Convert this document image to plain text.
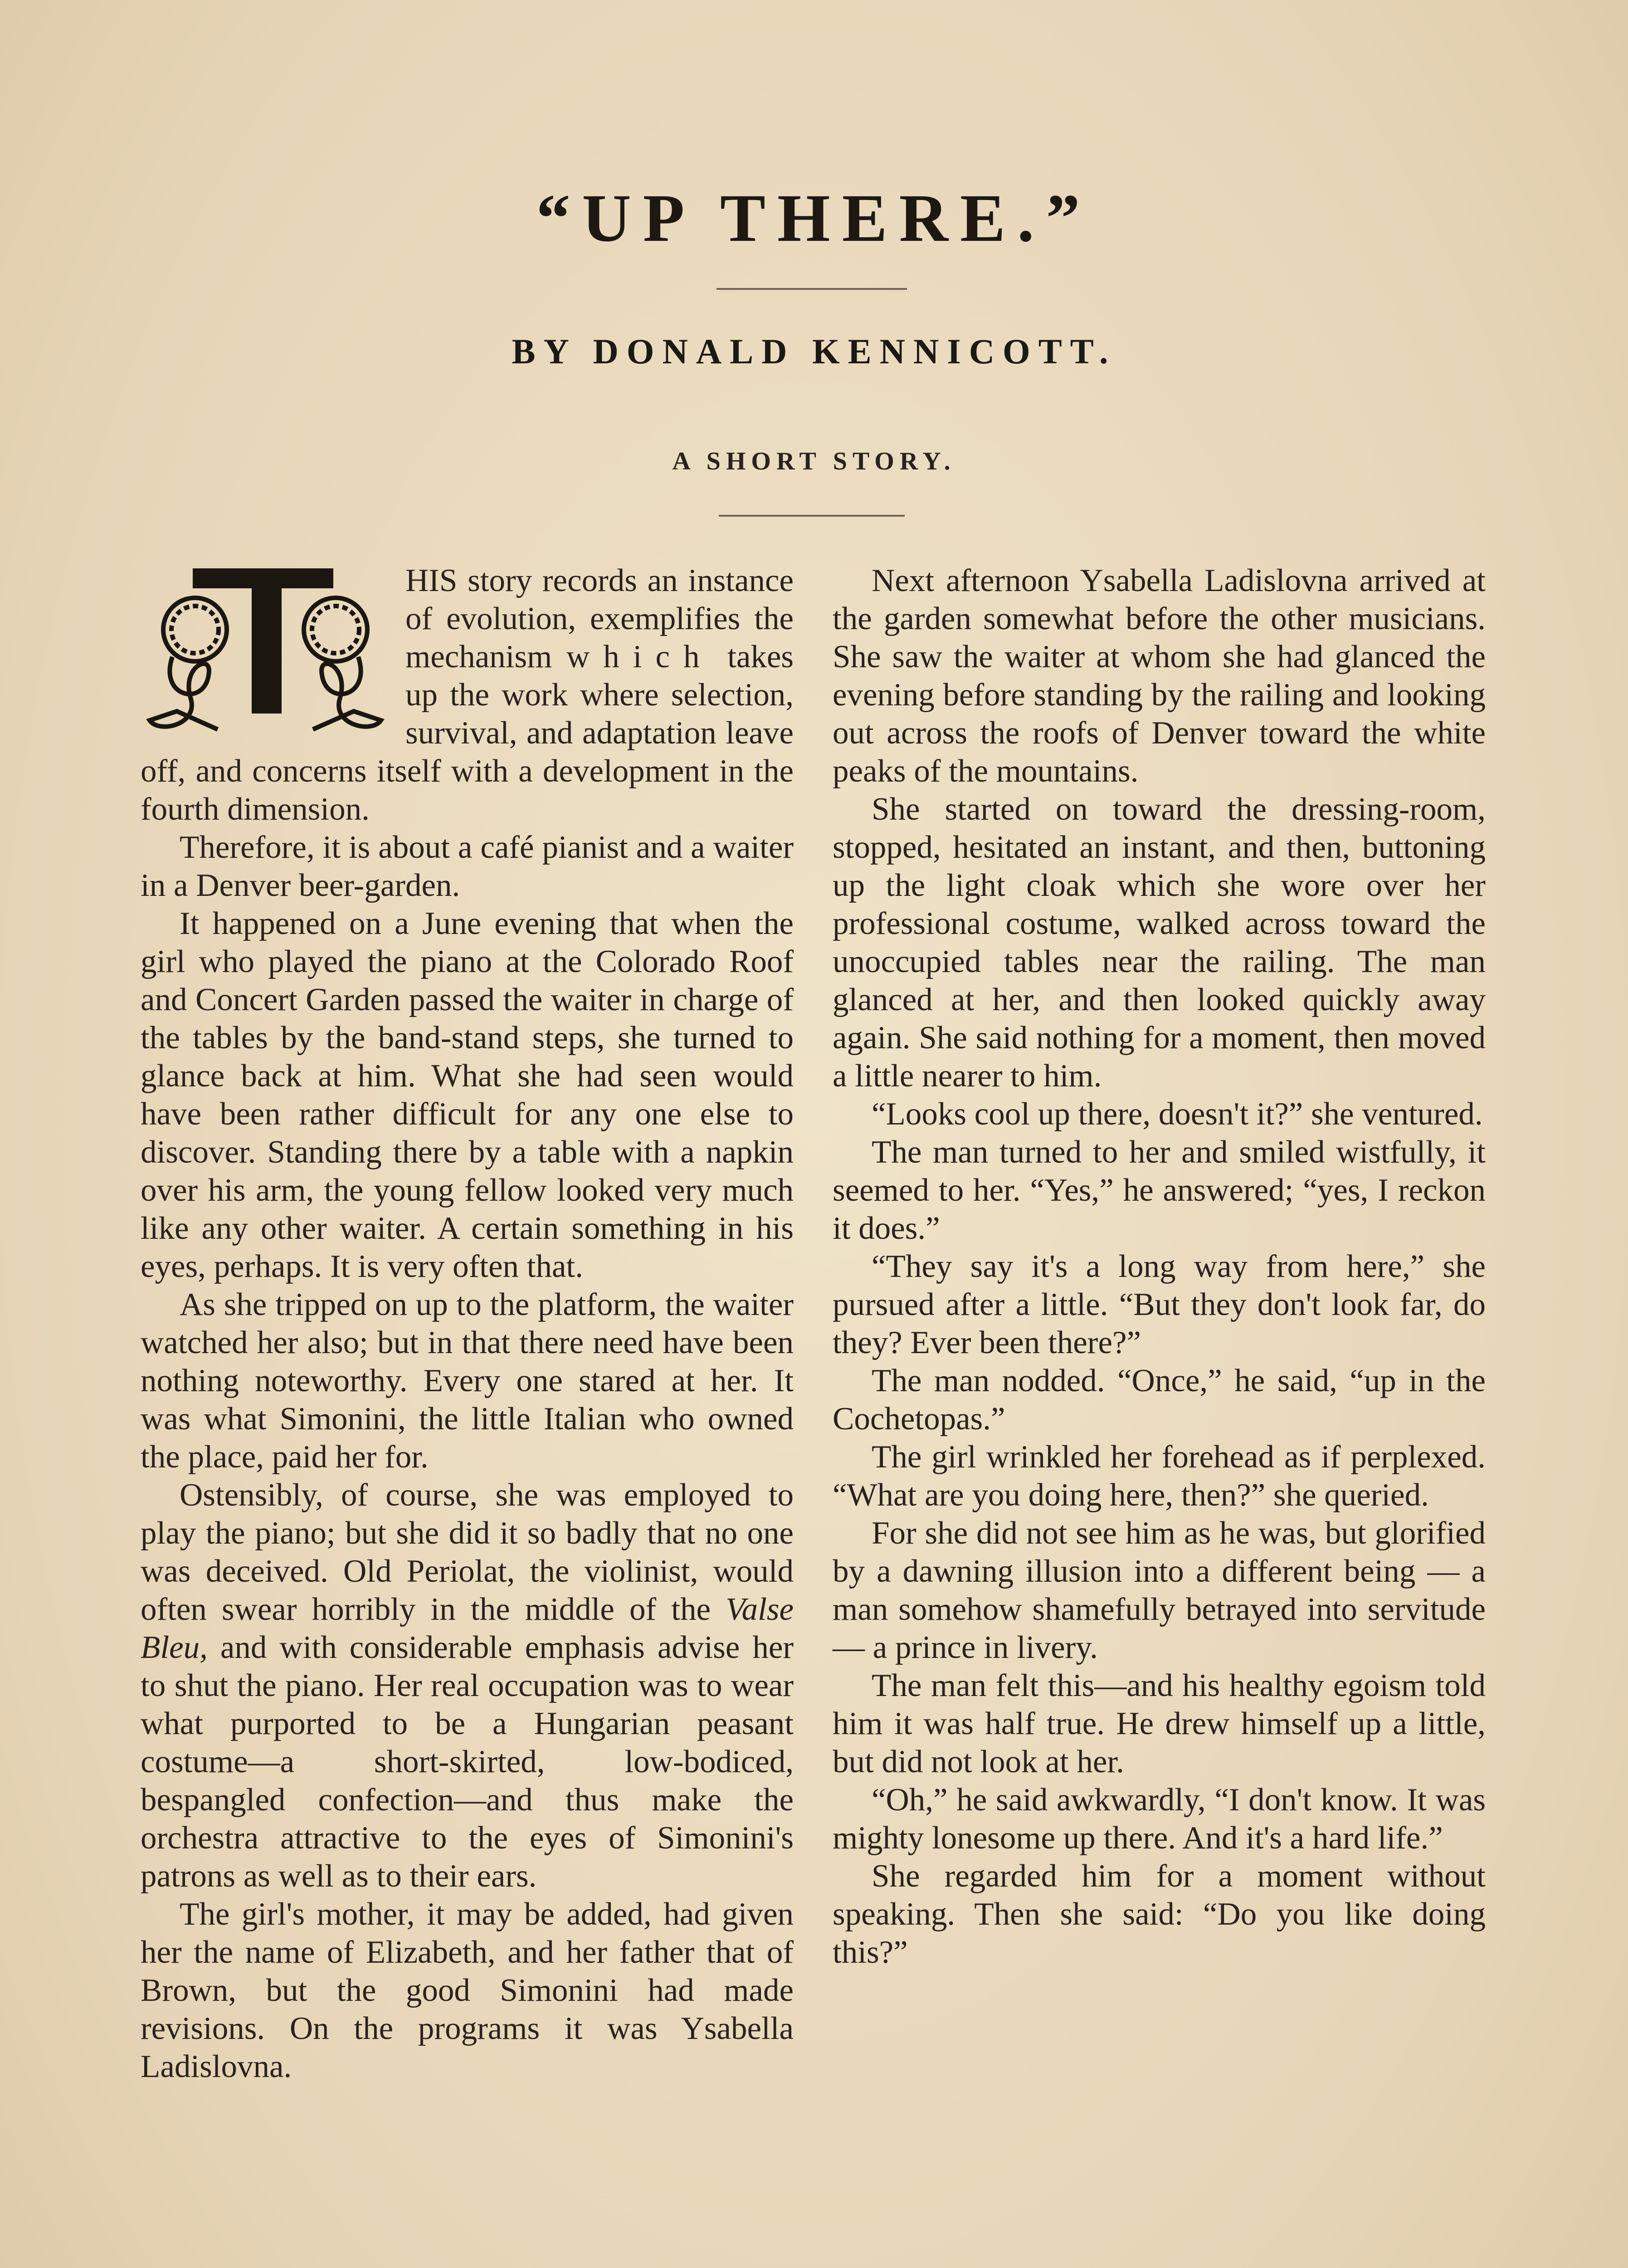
“UP THERE.”
BY DONALD KENNICOTT.
A SHORT STORY.

HIS story records an instance of evolution, exemplifies the mechanism which takes up the work where selection, survival, and adaptation leave off, and concerns itself with a development in the fourth dimension.

Therefore, it is about a café pianist and a waiter in a Denver beer-garden.

It happened on a June evening that when the girl who played the piano at the Colorado Roof and Concert Garden passed the waiter in charge of the tables by the band-stand steps, she turned to glance back at him. What she had seen would have been rather difficult for any one else to discover. Standing there by a table with a napkin over his arm, the young fellow looked very much like any other waiter. A certain something in his eyes, perhaps. It is very often that.

As she tripped on up to the platform, the waiter watched her also; but in that there need have been nothing noteworthy. Every one stared at her. It was what Simonini, the little Italian who owned the place, paid her for.

Ostensibly, of course, she was employed to play the piano; but she did it so badly that no one was deceived. Old Periolat, the violinist, would often swear horribly in the middle of the Valse Bleu, and with considerable emphasis advise her to shut the piano. Her real occupation was to wear what purported to be a Hungarian peasant costume—a short-skirted, low-bodiced, bespangled confection—and thus make the orchestra attractive to the eyes of Simonini's patrons as well as to their ears.

The girl's mother, it may be added, had given her the name of Elizabeth, and her father that of Brown, but the good Simonini had made revisions. On the programs it was Ysabella Ladislovna.

Next afternoon Ysabella Ladislovna arrived at the garden somewhat before the other musicians. She saw the waiter at whom she had glanced the evening before standing by the railing and looking out across the roofs of Denver toward the white peaks of the mountains.

She started on toward the dressing-room, stopped, hesitated an instant, and then, buttoning up the light cloak which she wore over her professional costume, walked across toward the unoccupied tables near the railing. The man glanced at her, and then looked quickly away again. She said nothing for a moment, then moved a little nearer to him.

“Looks cool up there, doesn't it?” she ventured.

The man turned to her and smiled wistfully, it seemed to her. “Yes,” he answered; “yes, I reckon it does.”

“They say it's a long way from here,” she pursued after a little. “But they don't look far, do they? Ever been there?”

The man nodded. “Once,” he said, “up in the Cochetopas.”

The girl wrinkled her forehead as if perplexed. “What are you doing here, then?” she queried.

For she did not see him as he was, but glorified by a dawning illusion into a different being — a man somehow shamefully betrayed into servitude — a prince in livery.

The man felt this—and his healthy egoism told him it was half true. He drew himself up a little, but did not look at her.

“Oh,” he said awkwardly, “I don't know. It was mighty lonesome up there. And it's a hard life.”

She regarded him for a moment without speaking. Then she said: “Do you like doing this?”
